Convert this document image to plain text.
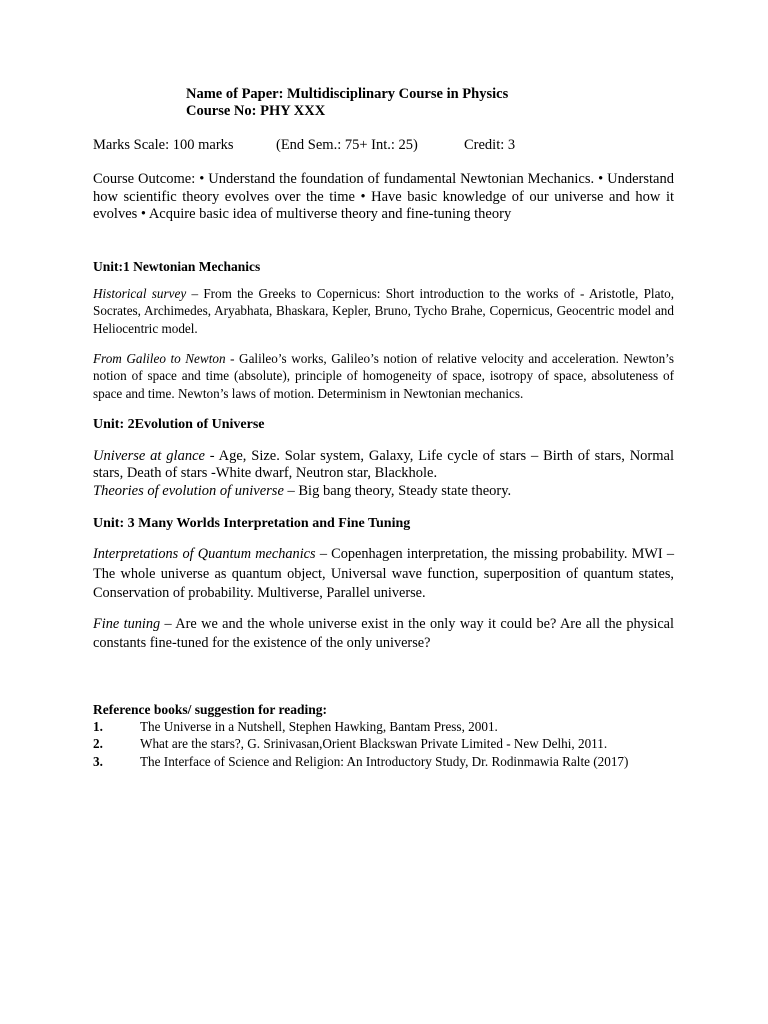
Name of Paper: Multidisciplinary Course in Physics
Course No: PHY XXX
Marks Scale: 100 marks	(End Sem.: 75+ Int.: 25)	Credit: 3
Course Outcome: • Understand the foundation of fundamental Newtonian Mechanics. • Understand how scientific theory evolves over the time • Have basic knowledge of our universe and how it evolves • Acquire basic idea of multiverse theory and fine-tuning theory
Unit:1 Newtonian Mechanics
Historical survey – From the Greeks to Copernicus: Short introduction to the works of - Aristotle, Plato, Socrates, Archimedes, Aryabhata, Bhaskara, Kepler, Bruno, Tycho Brahe, Copernicus, Geocentric model and Heliocentric model.
From Galileo to Newton - Galileo’s works, Galileo’s notion of relative velocity and acceleration. Newton’s notion of space and time (absolute), principle of homogeneity of space, isotropy of space, absoluteness of space and time. Newton’s laws of motion. Determinism in Newtonian mechanics.
Unit: 2Evolution of Universe
Universe at glance - Age, Size. Solar system, Galaxy, Life cycle of stars – Birth of stars, Normal stars, Death of stars -White dwarf, Neutron star, Blackhole.
Theories of evolution of universe – Big bang theory, Steady state theory.
Unit: 3 Many Worlds Interpretation and Fine Tuning
Interpretations of Quantum mechanics – Copenhagen interpretation, the missing probability. MWI – The whole universe as quantum object, Universal wave function, superposition of quantum states, Conservation of probability. Multiverse, Parallel universe.
Fine tuning – Are we and the whole universe exist in the only way it could be? Are all the physical constants fine-tuned for the existence of the only universe?
Reference books/ suggestion for reading:
1.	The Universe in a Nutshell, Stephen Hawking, Bantam Press, 2001.
2.	What are the stars?, G. Srinivasan,Orient Blackswan Private Limited - New Delhi, 2011.
3.	The Interface of Science and Religion: An Introductory Study, Dr. Rodinmawia Ralte (2017)
